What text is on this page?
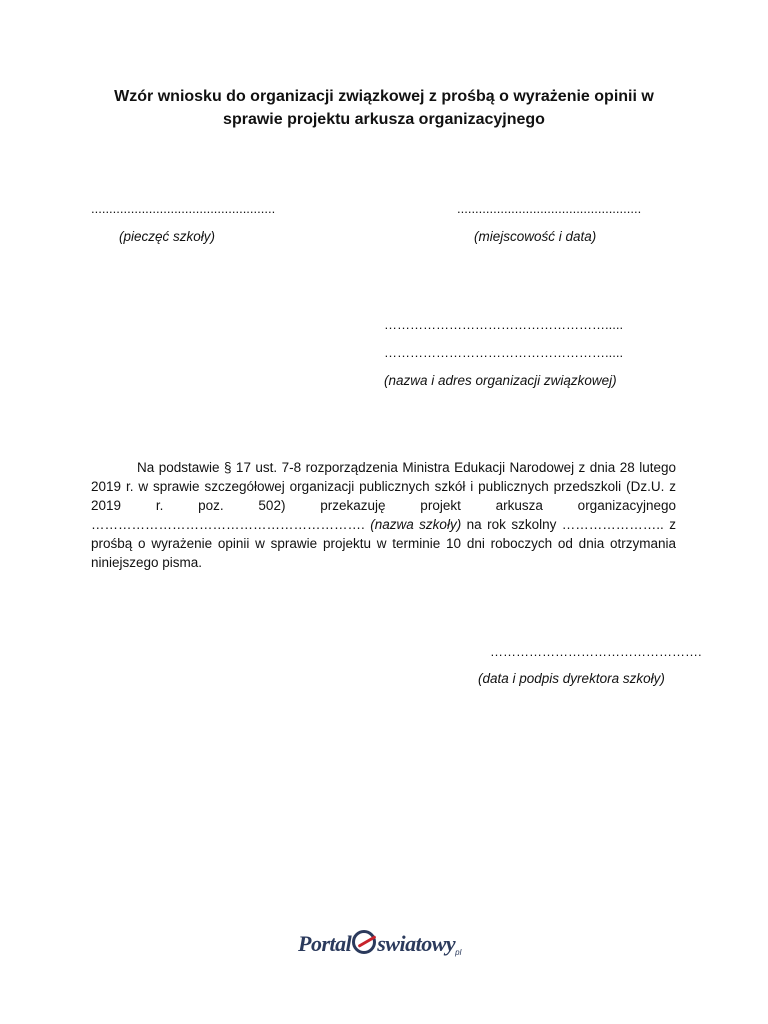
Wzór wniosku do organizacji związkowej z prośbą o wyrażenie opinii w
sprawie projektu arkusza organizacyjnego
...................................................	...................................................
(pieczęć szkoły)	(miejscowość i data)
…………………………………………….....
…………………………………………….....
(nazwa i adres organizacji związkowej)

Na podstawie § 17 ust. 7-8 rozporządzenia Ministra Edukacji Narodowej z dnia 28 lutego 2019 r. w sprawie szczegółowej organizacji publicznych szkół i publicznych przedszkoli (Dz.U. z 2019 r. poz. 502) przekazuję projekt arkusza organizacyjnego ……………………………………………………. (nazwa szkoły) na rok szkolny ………………….. z prośbą o wyrażenie opinii w sprawie projektu w terminie 10 dni roboczych od dnia otrzymania niniejszego pisma.

………………………………………….
(data i podpis dyrektora szkoły)
Portal swiatowy$_{pl}$
